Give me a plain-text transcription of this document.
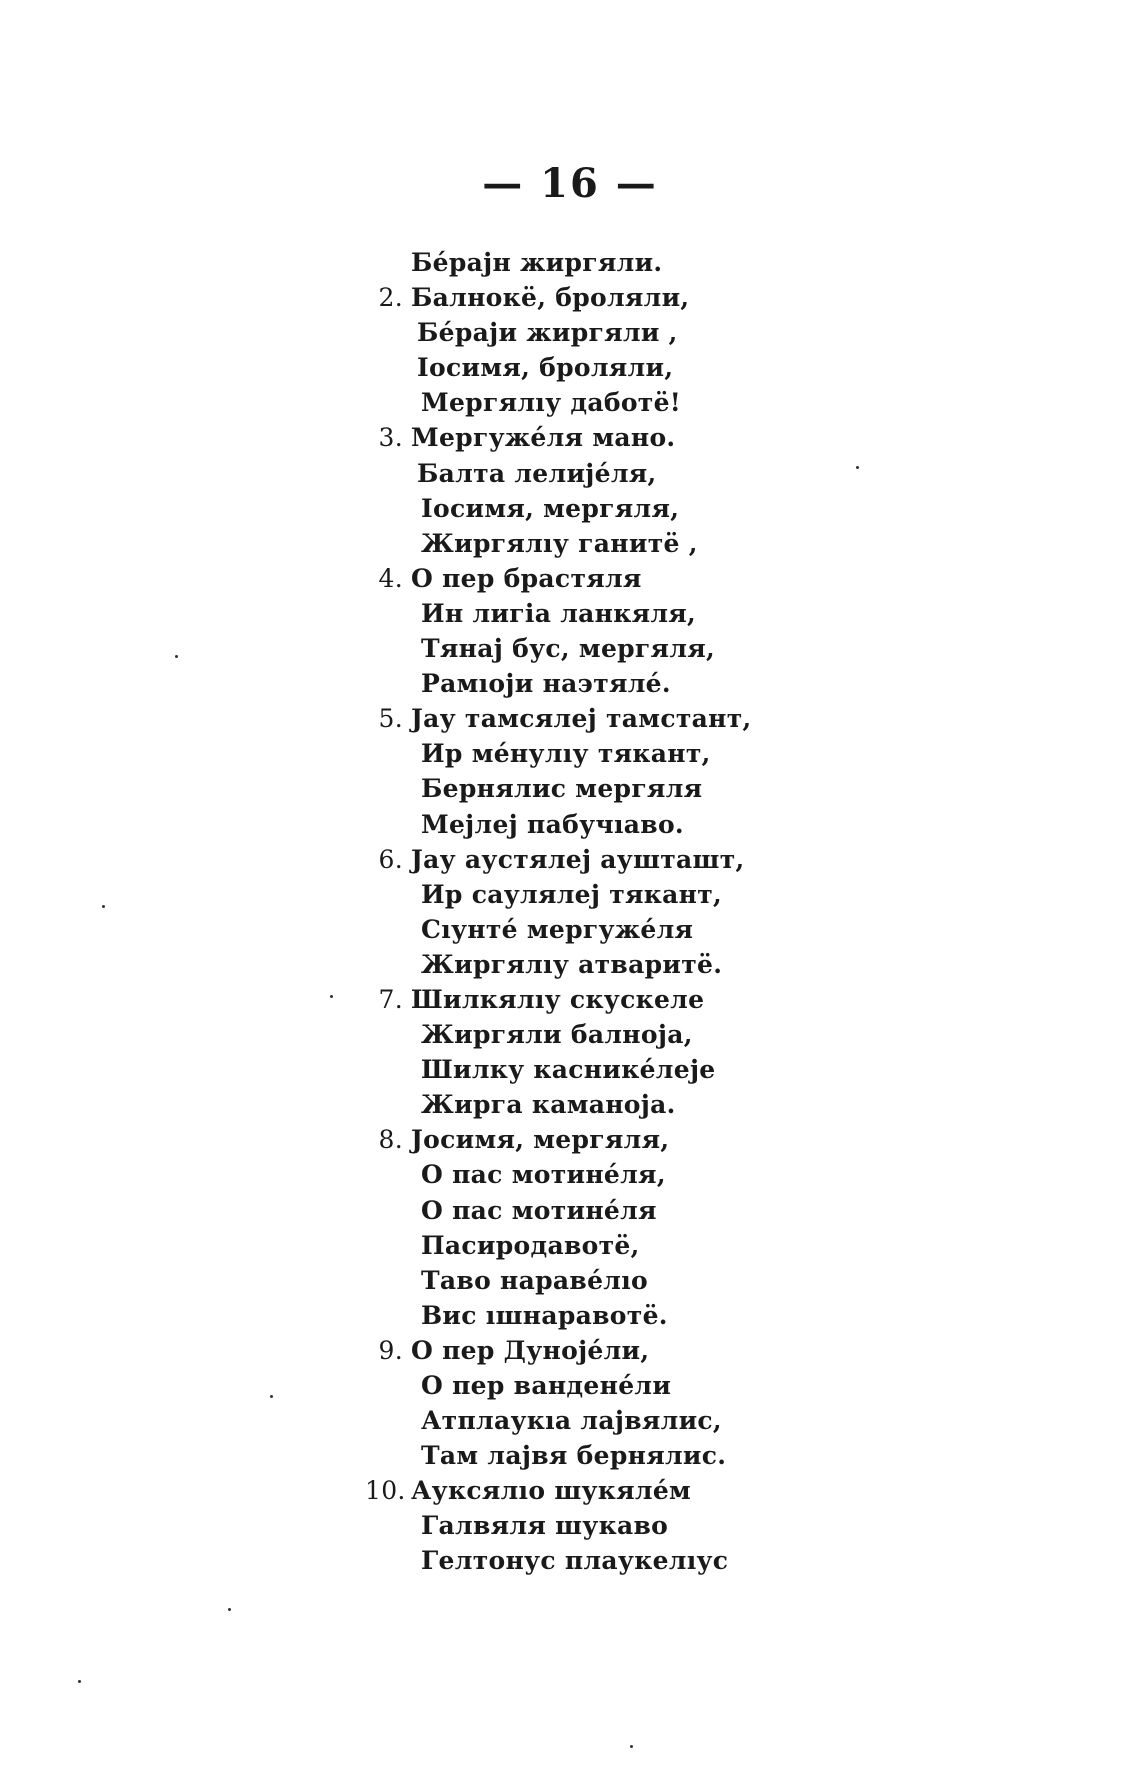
— 16 —
Бéрајн жиргяли.
2. Балнокë, броляли,
Бéраји жиргяли ,
Іосимя, броляли,
Мергялıу даботë!
3. Мергужéля мано.
Балта лелијéля,
Іосимя, мергяля,
Жиргялıу ганитë ,
4. О пер брастяля
Ин лигіа ланкяля,
Тянај бус, мергяля,
Рамıоји наэтялé.
5. Јау тамсялеј тамстант,
Ир мéнулıу тякант,
Бернялис мергяля
Мејлеј пабучıаво.
6. Јау аустялеј аушташт,
Ир саулялеј тякант,
Сıунтé мергужéля
Жиргялıу атваритë.
7. Шилкялıу скускеле
Жиргяли балноја,
Шилку касникéлеје
Жирга каманоја.
8. Јосимя, мергяля,
О пас мотинéля,
О пас мотинéля
Пасиродавотë,
Таво наравéлıо
Вис ıшнаравотë.
9. О пер Дунојéли,
О пер ванденéли
Атплаукıа лајвялис,
Там лајвя бернялис.
10. Ауксялıо шукялéм
Галвяля шукаво
Гелтонус плаукелıус
